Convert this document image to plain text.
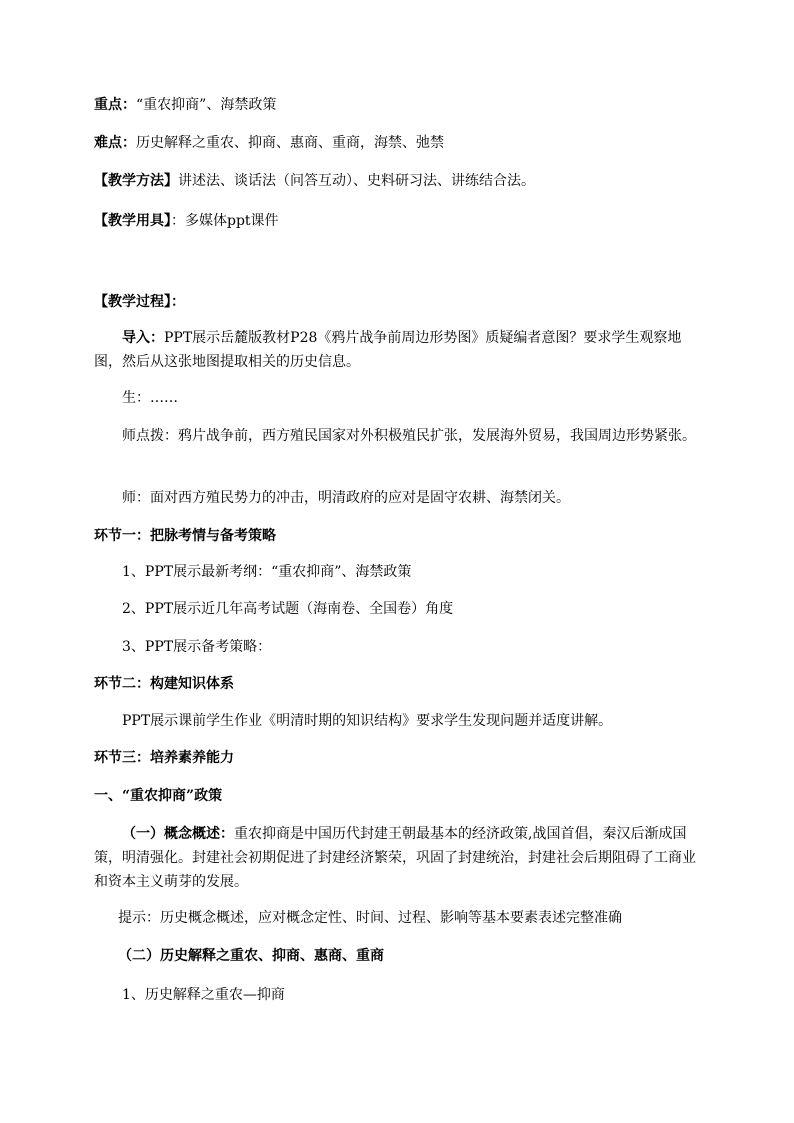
重点：“重农抑商”、海禁政策
难点：历史解释之重农、抑商、惠商、重商，海禁、弛禁
【教学方法】讲述法、谈话法（问答互动）、史料研习法、讲练结合法。
【教学用具】：多媒体ppt课件
【教学过程】：
导入：PPT展示岳麓版教材P28《鸦片战争前周边形势图》质疑编者意图？要求学生观察地图，然后从这张地图提取相关的历史信息。
生：……
师点拨：鸦片战争前，西方殖民国家对外积极殖民扩张，发展海外贸易，我国周边形势紧张。
师：面对西方殖民势力的冲击，明清政府的应对是固守农耕、海禁闭关。
环节一：把脉考情与备考策略
1、PPT展示最新考纲：“重农抑商”、海禁政策
2、PPT展示近几年高考试题（海南卷、全国卷）角度
3、PPT展示备考策略：
环节二：构建知识体系
PPT展示课前学生作业《明清时期的知识结构》要求学生发现问题并适度讲解。
环节三：培养素养能力
一、“重农抑商”政策
（一）概念概述：重农抑商是中国历代封建王朝最基本的经济政策,战国首倡，秦汉后渐成国策，明清强化。封建社会初期促进了封建经济繁荣，巩固了封建统治，封建社会后期阻碍了工商业和资本主义萌芽的发展。
提示：历史概念概述，应对概念定性、时间、过程、影响等基本要素表述完整准确
（二）历史解释之重农、抑商、惠商、重商
1、历史解释之重农—抑商
